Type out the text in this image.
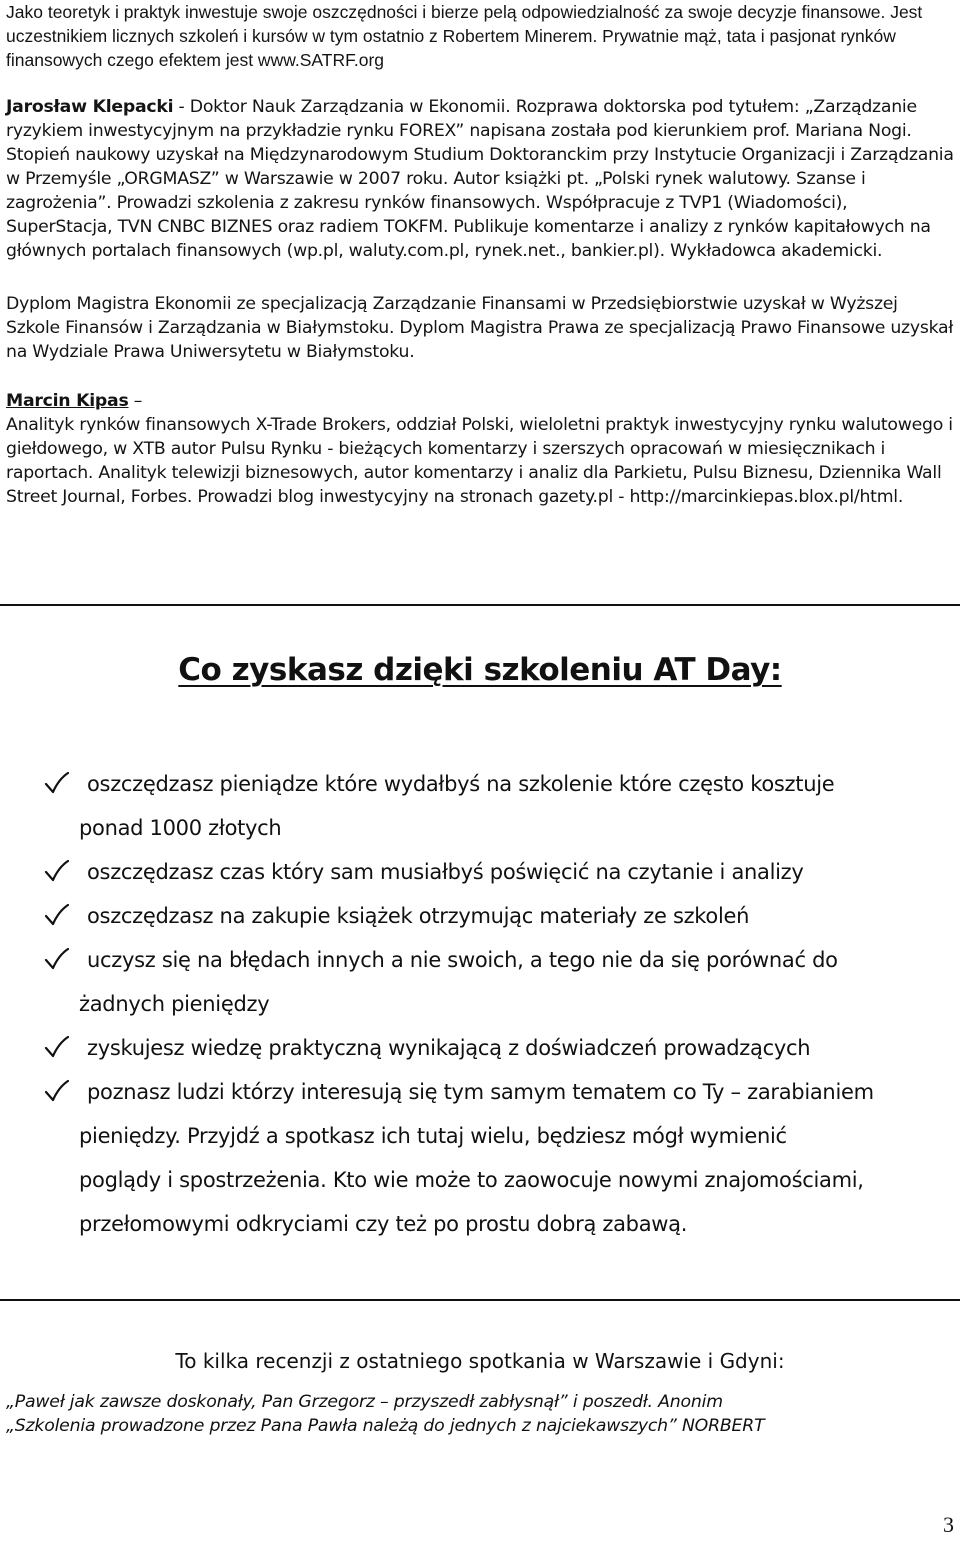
Jako teoretyk i praktyk inwestuje swoje oszczędności i bierze pelą odpowiedzialność za swoje decyzje finansowe. Jest uczestnikiem licznych szkoleń i kursów w tym ostatnio z Robertem Minerem. Prywatnie mąż, tata i pasjonat rynków finansowych czego efektem jest www.SATRF.org

Jarosław Klepacki - Doktor Nauk Zarządzania w Ekonomii. Rozprawa doktorska pod tytułem: „Zarządzanie ryzykiem inwestycyjnym na przykładzie rynku FOREX” napisana została pod kierunkiem prof. Mariana Nogi. Stopień naukowy uzyskał na Międzynarodowym Studium Doktoranckim przy Instytucie Organizacji i Zarządzania w Przemyśle „ORGMASZ” w Warszawie w 2007 roku. Autor książki pt. „Polski rynek walutowy. Szanse i zagrożenia”. Prowadzi szkolenia z zakresu rynków finansowych. Współpracuje z TVP1 (Wiadomości), SuperStacja, TVN CNBC BIZNES oraz radiem TOKFM. Publikuje komentarze i analizy z rynków kapitałowych na głównych portalach finansowych (wp.pl, waluty.com.pl, rynek.net., bankier.pl). Wykładowca akademicki.

Dyplom Magistra Ekonomii ze specjalizacją Zarządzanie Finansami w Przedsiębiorstwie uzyskał w Wyższej Szkole Finansów i Zarządzania w Białymstoku. Dyplom Magistra Prawa ze specjalizacją Prawo Finansowe uzyskał na Wydziale Prawa Uniwersytetu w Białymstoku.

Marcin Kipas –

Analityk rynków finansowych X-Trade Brokers, oddział Polski, wieloletni praktyk inwestycyjny rynku walutowego i giełdowego, w XTB autor Pulsu Rynku - bieżących komentarzy i szerszych opracowań w miesięcznikach i raportach. Analityk telewizji biznesowych, autor komentarzy i analiz dla Parkietu, Pulsu Biznesu, Dziennika Wall Street Journal, Forbes. Prowadzi blog inwestycyjny na stronach gazety.pl - http://marcinkiepas.blox.pl/html.

Co zyskasz dzięki szkoleniu AT Day:
oszczędzasz pieniądze które wydałbyś na szkolenie które często kosztuje
ponad 1000 złotych
oszczędzasz czas który sam musiałbyś poświęcić na czytanie i analizy
oszczędzasz na zakupie książek otrzymując materiały ze szkoleń
uczysz się na błędach innych a nie swoich, a tego nie da się porównać do
żadnych pieniędzy
zyskujesz wiedzę praktyczną wynikającą z doświadczeń prowadzących
poznasz ludzi którzy interesują się tym samym tematem co Ty – zarabianiem
pieniędzy. Przyjdź a spotkasz ich tutaj wielu, będziesz mógł wymienić
poglądy i spostrzeżenia. Kto wie może to zaowocuje nowymi znajomościami,
przełomowymi odkryciami czy też po prostu dobrą zabawą.

To kilka recenzji z ostatniego spotkania w Warszawie i Gdyni:

„Paweł jak zawsze doskonały, Pan Grzegorz – przyszedł zabłysnął” i poszedł. Anonim

„Szkolenia prowadzone przez Pana Pawła należą do jednych z najciekawszych” NORBERT

3
